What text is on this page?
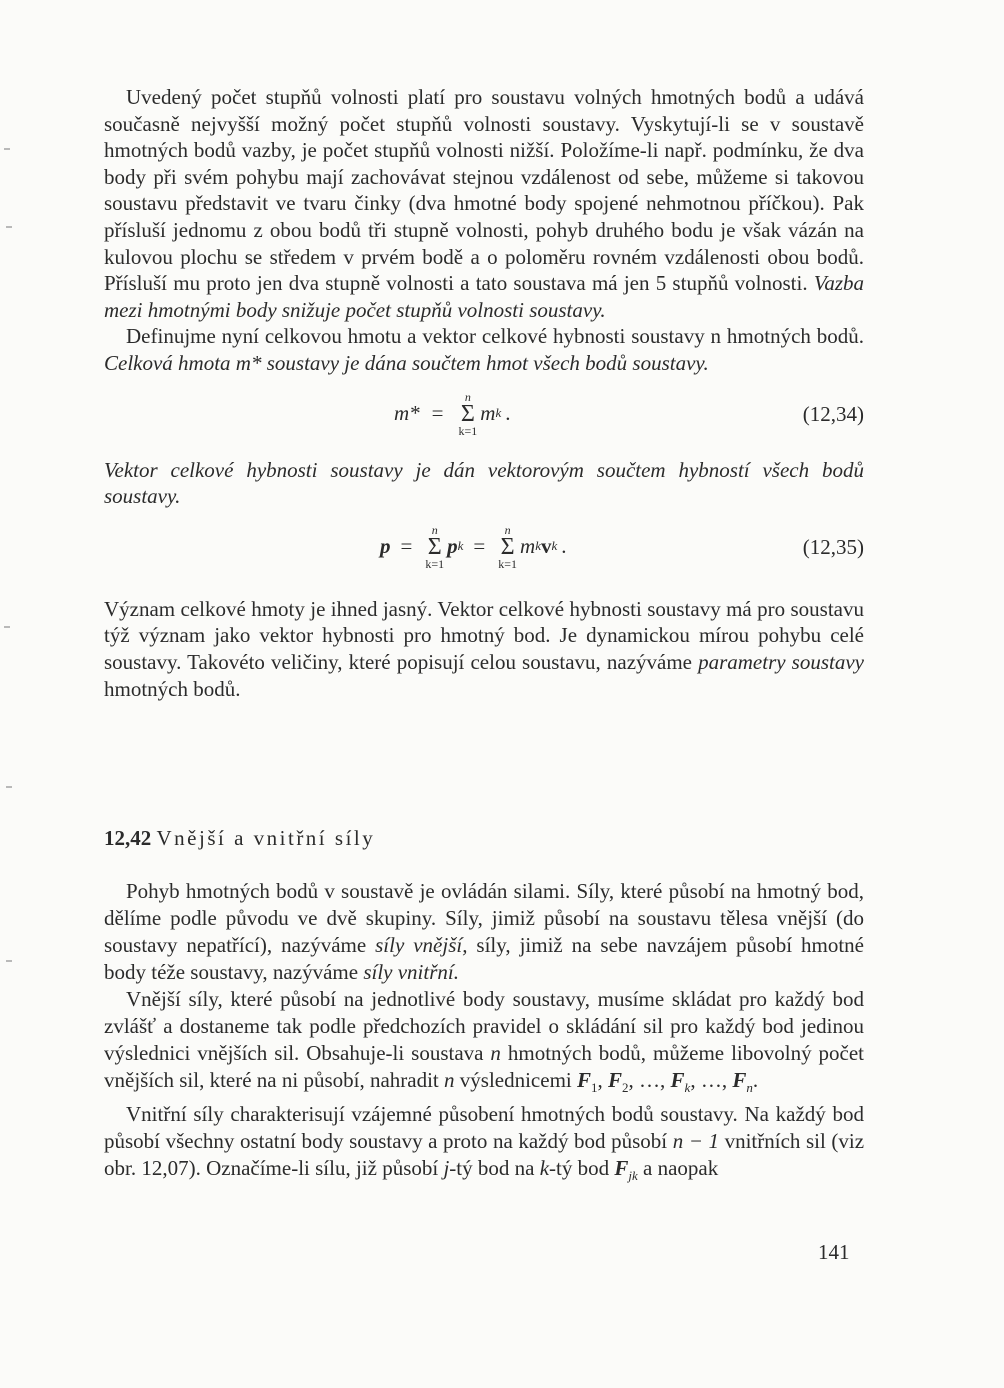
Uvedený počet stupňů volnosti platí pro soustavu volných hmotných bodů a udává současně nejvyšší možný počet stupňů volnosti soustavy. Vyskytují-li se v soustavě hmotných bodů vazby, je počet stupňů volnosti nižší. Položíme-li např. podmínku, že dva body při svém pohybu mají zachovávat stejnou vzdálenost od sebe, můžeme si takovou soustavu představit ve tvaru činky (dva hmotné body spojené nehmotnou příčkou). Pak přísluší jednomu z obou bodů tři stupně volnosti, pohyb druhého bodu je však vázán na kulovou plochu se středem v prvém bodě a o poloměru rovném vzdálenosti obou bodů. Přísluší mu proto jen dva stupně volnosti a tato soustava má jen 5 stupňů volnosti. Vazba mezi hmotnými body snižuje počet stupňů volnosti soustavy.

Definujme nyní celkovou hmotu a vektor celkové hybnosti soustavy n hmotných bodů. Celková hmota m* soustavy je dána součtem hmot všech bodů soustavy.

m* =
n
Σ
k=1
m k .	(12,34)

Vektor celkové hybnosti soustavy je dán vektorovým součtem hybností všech bodů soustavy.

p =
n
Σ
k=1
p k =
n
Σ
k=1
m k v k .	(12,35)

Význam celkové hmoty je ihned jasný. Vektor celkové hybnosti soustavy má pro soustavu týž význam jako vektor hybnosti pro hmotný bod. Je dynamickou mírou pohybu celé soustavy. Takovéto veličiny, které popisují celou soustavu, nazýváme parametry soustavy hmotných bodů.

12,42 Vnější a vnitřní síly

Pohyb hmotných bodů v soustavě je ovládán silami. Síly, které působí na hmotný bod, dělíme podle původu ve dvě skupiny. Síly, jimiž působí na soustavu tělesa vnější (do soustavy nepatřící), nazýváme síly vnější, síly, jimiž na sebe navzájem působí hmotné body téže soustavy, nazýváme síly vnitřní.

Vnější síly, které působí na jednotlivé body soustavy, musíme skládat pro každý bod zvlášť a dostaneme tak podle předchozích pravidel o skládání sil pro každý bod jedinou výslednici vnějších sil. Obsahuje-li soustava n hmotných bodů, můžeme libovolný počet vnějších sil, které na ni působí, nahradit n výslednicemi $F_1$, $F_2$, …, $F_k$, …, $F_n$.

Vnitřní síly charakterisují vzájemné působení hmotných bodů soustavy. Na každý bod působí všechny ostatní body soustavy a proto na každý bod působí n − 1 vnitřních sil (viz obr. 12,07). Označíme-li sílu, již působí j-tý bod na k-tý bod $F_{jk}$ a naopak

141
